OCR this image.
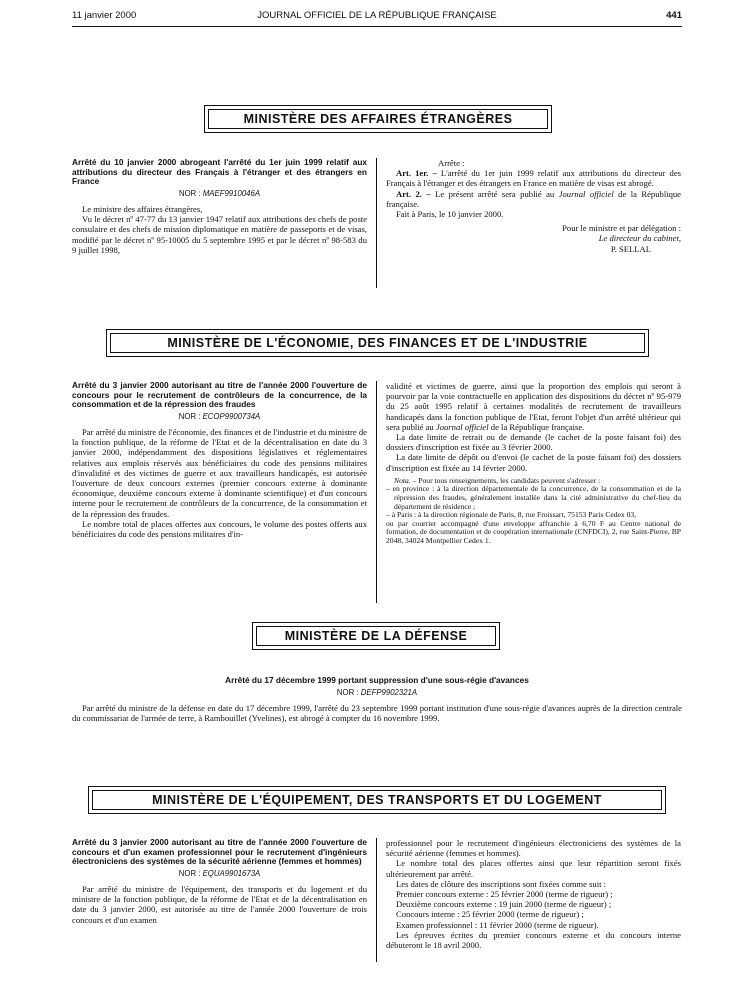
11 janvier 2000	JOURNAL OFFICIEL DE LA RÉPUBLIQUE FRANÇAISE	441
MINISTÈRE DES AFFAIRES ÉTRANGÈRES

Arrêté du 10 janvier 2000 abrogeant l'arrêté du 1er juin 1999 relatif aux attributions du directeur des Français à l'étranger et des étrangers en France

NOR : MAEF9910046A

Le ministre des affaires étrangères,

Vu le décret nº 47-77 du 13 janvier 1947 relatif aux attributions des chefs de poste consulaire et des chefs de mission diplomatique en matière de passeports et de visas, modifié par le décret nº 95-10005 du 5 septembre 1995 et par le décret nº 98-583 du 9 juillet 1998,

Arrête :

Art. 1er. – L'arrêté du 1er juin 1999 relatif aux attributions du directeur des Français à l'étranger et des étrangers en France en matière de visas est abrogé.

Art. 2. – Le présent arrêté sera publié au Journal officiel de la République française.

Fait à Paris, le 10 janvier 2000.

Pour le ministre et par délégation :
Le directeur du cabinet,
P. SELLAL
MINISTÈRE DE L'ÉCONOMIE, DES FINANCES ET DE L'INDUSTRIE

Arrêté du 3 janvier 2000 autorisant au titre de l'année 2000 l'ouverture de concours pour le recrutement de contrôleurs de la concurrence, de la consommation et de la répression des fraudes

NOR : ECOP9900734A

Par arrêté du ministre de l'économie, des finances et de l'industrie et du ministre de la fonction publique, de la réforme de l'Etat et de la décentralisation en date du 3 janvier 2000, indépendamment des dispositions législatives et réglementaires relatives aux emplois réservés aux bénéficiaires du code des pensions militaires d'invalidité et des victimes de guerre et aux travailleurs handicapés, est autorisée l'ouverture de deux concours externes (premier concours externe à dominante économique, deuxième concours externe à dominante scientifique) et d'un concours interne pour le recrutement de contrôleurs de la concurrence, de la consommation et de la répression des fraudes.

Le nombre total de places offertes aux concours, le volume des postes offerts aux bénéficiaires du code des pensions militaires d'in-

validité et victimes de guerre, ainsi que la proportion des emplois qui seront à pourvoir par la voie contractuelle en application des dispositions du décret nº 95-979 du 25 août 1995 relatif à certaines modalités de recrutement de travailleurs handicapés dans la fonction publique de l'Etat, feront l'objet d'un arrêté ultérieur qui sera publié au Journal officiel de la République française.

La date limite de retrait ou de demande (le cachet de la poste faisant foi) des dossiers d'inscription est fixée au 3 février 2000.

La date limite de dépôt ou d'envoi (le cachet de la poste faisant foi) des dossiers d'inscription est fixée au 14 février 2000.

Nota. – Pour tous renseignements, les candidats peuvent s'adresser :

– en province : à la direction départementale de la concurrence, de la consommation et de la répression des fraudes, généralement installée dans la cité administrative du chef-lieu du département de résidence ;

– à Paris : à la direction régionale de Paris, 8, rue Froissart, 75153 Paris Cedex 03,

ou par courrier accompagné d'une enveloppe affranchie à 6,70 F au Centre national de formation, de documentation et de coopération internationale (CNFDCI), 2, rue Saint-Pierre, BP 2048, 34024 Montpellier Cedex 1.

MINISTÈRE DE LA DÉFENSE

Arrêté du 17 décembre 1999 portant suppression d'une sous-régie d'avances

NOR : DEFP9902321A

Par arrêté du ministre de la défense en date du 17 décembre 1999, l'arrêté du 23 septembre 1999 portant institution d'une sous-régie d'avances auprès de la direction centrale du commissariat de l'armée de terre, à Rambouillet (Yvelines), est abrogé à compter du 16 novembre 1999.

MINISTÈRE DE L'ÉQUIPEMENT, DES TRANSPORTS ET DU LOGEMENT

Arrêté du 3 janvier 2000 autorisant au titre de l'année 2000 l'ouverture de concours et d'un examen professionnel pour le recrutement d'ingénieurs électroniciens des systèmes de la sécurité aérienne (femmes et hommes)

NOR : EQUA9901673A

Par arrêté du ministre de l'équipement, des transports et du logement et du ministre de la fonction publique, de la réforme de l'Etat et de la décentralisation en date du 3 janvier 2000, est autorisée au titre de l'année 2000 l'ouverture de trois concours et d'un examen

professionnel pour le recrutement d'ingénieurs électroniciens des systèmes de la sécurité aérienne (femmes et hommes).

Le nombre total des places offertes ainsi que leur répartition seront fixés ultérieurement par arrêté.

Les dates de clôture des inscriptions sont fixées comme suit :

Premier concours externe : 25 février 2000 (terme de rigueur) ;

Deuxième concours externe : 19 juin 2000 (terme de rigueur) ;

Concours interne : 25 février 2000 (terme de rigueur) ;

Examen professionnel : 11 février 2000 (terme de rigueur).

Les épreuves écrites du premier concours externe et du concours interne débuteront le 18 avril 2000.
